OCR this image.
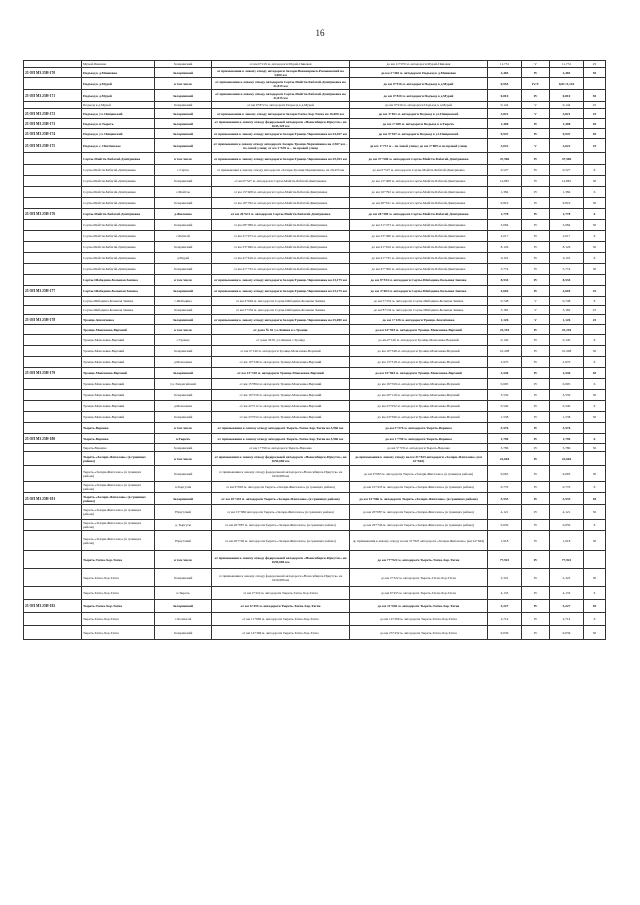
16
	Мурей-Пивовая	Заларинский	от км 0+219 м. автодороги Мурей-Пивовая	до км 11+970 м. автодороги Мурей-Пивовая	11,751	V	11,751	25
25 ОП МЗ 25Н-170	Подъезд к д.Минеевке	Заларинский	от примыкания к левому отводу автодороги Залари-Невонаревск-Романовский на 3,000 км	до км 2+465 м. автодороги Подъезд к д.Минеевке	2,465	IV	2,465	50
	Подъезд к д.Мурей	в том числе	от примыкания к левому отводу автодороги Сорты-Мойгти-Бабагай-Дмитриевка на 41,815 км	до км 0+916 м. автодороги Подъезд к д.Мурей	0,954	IV/V	0,81/ 0,144	
25 ОП МЗ 25Н-171	Подъезд к д.Мурей	Заларинский	от примыкания к левому отводу автодороги Сорты-Мойгти-Бабагай-Дмитриевка на 41,815 км	до км 0+810 м. автодороги Подъезд к д.Мурей	0,810	IV	0,810	50
	Подъезд к д.Мурей	Заларинский	от км 0+872 м. автодороги Подъезд к д.Мурей	до км 0+916 м. автодороги Подъезд к д.Мурей	0,144	V	0,144	25
25 ОП МЗ 25Н-172	Подъезд к ул. Пищевский	Заларинский	от примыкания к левому отводу автодороги Залари-Тагна-Хор-Тагна на 16,000 км	до км 3+821 м. автодороги Подъезд к ул.Пищевский	3,821	V	3,821	25
25 ОП МЗ 25Н-173	Подъезд к п.Тыреть	Заларинский	от примыкания к левому отводу федеральной автодороги «Новосибирск-Иркутск» на 1643,320 км	до км 1+408 м. автодороги Подъезд к п.Тыреть	1,408	IV	1,408	50
25 ОП МЗ 25Н-174	Подъезд к ул. Пищевский	Заларинский	от примыкания к левому отводу автодороги Залари-Троицк-Черемшанка на 54,927 км	до км 9+947 м. автодороги Подъезд к ул.Пищевский	9,947	IV	9,947	50
25 ОП МЗ 25Н-175	Подъезд к с. Пихтинское	Заларинский	от примыкания к левому отводу автодороги Залари-Троицк-Черемшанка на 2,567 км – по левой улице; от км 1+639 м – по правой улице	до км 1+772 м – по левой улице; до км 2+889 м по правой улице	3,022	V	3,022	25
	Сорты-Мойгти-Бабагай-Дмитриевка	в том числе	от примыкания к левому отводу автодороги Залари-Троицк-Черемшанка на 29,453 км	до км 47+506 м. автодороги Сорты-Мойгти-Бабагай-Дмитриевка	47,506	IV	47,506	
	Сорты-Мойгти-Бабагай-Дмитриевка	с.Сарты	от примыкания к левому отводу автодороги «Залари-Троицк-Черемшанка» на 29,453 км	до км 0+527 м. автодороги Сорты-Мойгти-Бабагай-Дмитриевка	0,527	IV	0,527	6
	Сорты-Мойгти-Бабагай-Дмитриевка	Заларинский	от км 0+527 м. автодороги Сорты-Мойгти-Бабагай-Дмитриевка	до км 15+408 м. автодороги Сорты-Мойгти-Бабагай-Дмитриевка	14,881	IV	14,881	50
	Сорты-Мойгти-Бабагай-Дмитриевка	с.Мойгты	от км 15+408 м. автодороги Сорты-Мойгти-Бабагай-Дмитриевка	до км 16+792 м. автодороги Сорты-Мойгти-Бабагай-Дмитриевка	1,384	IV	1,384	6
	Сорты-Мойгти-Бабагай-Дмитриевка	Заларинский	от км 16+792 м. автодороги Сорты-Мойгти-Бабагай-Дмитриевка	до км 26+611 м. автодороги Сорты-Мойгти-Бабагай-Дмитриевка	9,819	IV	9,819	50
25 ОП МЗ 25Н-176	Сорты-Мойгти-Бабагай-Дмитриевка	д.Жилкина	от км 26+611 м. автодороги Сорты-Мойгти-Бабагай-Дмитриевка	до км 28+389 м. автодороги Сорты-Мойгти-Бабагай-Дмитриевка	1,778	IV	1,778	6
	Сорты-Мойгти-Бабагай-Дмитриевка	Заларинский	от км 28+389 м. автодороги Сорты-Мойгти-Бабагай-Дмитриевка	до км 31+473 м. автодороги Сорты-Мойгти-Бабагай-Дмитриевка	3,084	IV	3,084	50
	Сорты-Мойгти-Бабагай-Дмитриевка	с.Бабагай	от км 31+473 м. автодороги Сорты-Мойгти-Бабагай-Дмитриевка	до км 33+490 м. автодороги Сорты-Мойгти-Бабагай-Дмитриевка	2,017	IV	2,017	6
	Сорты-Мойгти-Бабагай-Дмитриевка	Заларинский	от км 33+490 м. автодороги Сорты-Мойгти-Бабагай-Дмитриевка	до км 41+616 м. автодороги Сорты-Мойгти-Бабагай-Дмитриевка	8,126	IV	8,126	50
	Сорты-Мойгти-Бабагай-Дмитриевка	д.Мурей	от км 41+616 м. автодороги Сорты-Мойгти-Бабагай-Дмитриевка	до км 41+732 м. автодороги Сорты-Мойгти-Бабагай-Дмитриевка	0,116	IV	0,116	6
	Сорты-Мойгти-Бабагай-Дмитриевка	Заларинский	от км 41+732 м. автодороги Сорты-Мойгти-Бабагай-Дмитриевка	до км 47+506 м. автодороги Сорты-Мойгти-Бабагай-Дмитриевка	5,774	IV	5,774	50
	Сорты-Шабадина-Большая Заимка	в том числе	от примыкания к левому отводу автодороги Залари-Троицк-Черемшанка на 23,175 км	до км 8+534 м. автодороги Сорты-Шабадина-Большая Заимка	8,534	IV	8,534	
25 ОП МЗ 25Н-177	Сорты-Шабадина-Большая Заимка	Заларинский	от примыкания к левому отводу автодороги Залари-Троицк-Черемшанка на 23,175 км	до км 4+604 м. автодороги Сорты-Шабадина-Большая Заимка	4,604	IV	4,604	25
	Сорты-Шабадина-Большая Заимка	с.Шабадина	от км 4+604 м. автодороги Сорты-Шабадина-Большая Заимка	до км 5+352 м. автодороги Сорты-Шабадина-Большая Заимка	0,748	V	0,748	6
	Сорты-Шабадина-Большая Заимка	Заларинский	от км 5+352 м. автодороги Сорты-Шабадина-Большая Заимка	до км 8+534 м. автодороги Сорты-Шабадина-Большая Заимка	3,182	V	3,182	25
25 ОП МЗ 25Н-178	Троицк-Землячевка	Заларинский	от примыкания к левому отводу автодороги Залари-Троицк-Черемшанка на 25,000 км	до км 1+126 м. автодороги Троицк-Землячевка	1,126	V	1,126	25
	Троицк-Моисеевка-Верхний	в том числе	от дома № 81 ул.Ленина в с.Троицк	до км 24+594 м. автодороги Троицк-Моисеевка-Верхний	22,194	IV	22,194	
	Троицк-Моисеевка-Верхний	с.Троица	от дома 36 81 ул.Ленина с.Троица	до км 0+140 м. автодороги Троицк-Моисеевка-Верхний	0,140	IV	0,140	6
	Троицк-Моисеевка-Верхний	Заларинский	от км 0+140 м. автодороги Троицк-Моисеевка-Верхний	до км 10+348 м. автодороги Троицк-Моисеевка-Верхний	10,208	IV	10,208	50
	Троицк-Моисеевка-Верхний	д.Моисеевка	от км 10+348 м. автодороги Троицк-Моисеевка-Верхний	до км 13+318 м. автодороги Троицк-Моисеевка-Верхний	2,970	IV	2,970	6
25 ОП МЗ 25Н-179	Троицк-Моисеевка-Верхний	Заларинский	от км 13+318 м. автодороги Троицк-Моисеевка-Верхний	до км 15+864 м. автодороги Троицк-Моисеевка-Верхний	2,546	IV	2,546	50
	Троицк-Моисеевка-Верхний	уч. Хандагайский	от км 15+864 м. автодороги Троицк-Моисеевка-Верхний	до км 16+559 м. автодороги Троицк-Моисеевка-Верхний	0,695	IV	0,695	6
	Троицк-Моисеевка-Верхний	Заларинский	от км 16+559 м. автодороги Троицк-Моисеевка-Верхний	до км 20+118 м. автодороги Троицк-Моисеевка-Верхний	3,559	IV	3,559	50
	Троицк-Моисеевка-Верхний	д.Моисеевка	от км 22+512 м. автодороги Троицк-Моисеевка-Верхний	до км 23+052 м. автодороги Троицк-Моисеевка-Верхний	0,540	IV	0,540	6
	Троицк-Моисеевка-Верхний	Заларинский	от км 23+052 м. автодороги Троицк-Моисеевка-Верхний	до км 24+590 м. автодороги Троицк-Моисеевка-Верхний	1,538	IV	1,538	50
	Тыреть-Веренка	в том числе	от примыкания к левому отводу автодороги Тыреть-Тагна-Хор-Тагна на 5,960 км	до км 5+576 м. автодороги Тыреть-Веренка	5,576	IV	5,576	
25 ОП МЗ 25Н-180	Тыреть-Веренка	п.Тыреть	от примыкания к левому отводу автодороги Тыреть-Тагна-Хор-Тагна на 5,960 км	до км 1+790 м. автодороги Тыреть-Веренка	1,790	IV	1,790	6
	Тыреть-Веренка	Заларинский	от км 1+790 м. автодороги Тыреть-Веренка	до км 5+576 м. автодороги Тыреть-Веренка	3,786	IV	3,786	50
	Тыреть-«Залари-Жигалово» (в границах района)	в том числе	от примыкания к левому отводу федеральной автодороги «Новосибирск-Иркутск» на 1659,680 км	до примыкания к левому отводу на км 31+825 автодороги «Залари-Жигалово» (км 22+664)	22,664	IV	22,664	
	Тыреть-«Залари-Жигалово» (в границах района)	Заларинский	от примыкания к левому отводу федеральной автодороги «Новосибирск-Иркутск» на 1659,680 км	до км 9+663 м. автодороги Тыреть-«Залари-Жигалово» (в границах района)	9,663	IV	9,663	50
	Тыреть-«Залари-Жигалово» (в границах района)	п.Харгутай	от км 9+663 м. автодороги Тыреть-«Залари-Жигалово» (в границах района)	до км 10+433 м. автодороги Тыреть-«Залари-Жигалово» (в границах района)	0,770	IV	0,770	6
25 ОП МЗ 25Н-181	Тыреть-«Залари-Жигалово» (в границах района)	Заларинский	от км 10+433 м. автодороги Тыреть-«Залари-Жигалово» (в границах района)	до км 15+966 м. автодороги Тыреть-«Залари-Жигалово» (в границах района)	5,533	IV	5,533	50
	Тыреть-«Залари-Жигалово» (в границах района)	Нукутский	от км 15+966 автодороги Тыреть-«Залари-Жигалово» (в границах района)	до км 20+087 м. автодороги Тыреть-«Залари-Жигалово» (в границах района)	4,121	IV	4,121	50
	Тыреть-«Залари-Жигалово» (в границах района)	д. Тыргуты	от км 20+087 м. автодороги Тыреть-«Залари-Жигалово» (в границах района)	до км 20+746 м. автодороги Тыреть-«Залари-Жигалово» (в границах района)	0,659	IV	0,659	6
	Тыреть-«Залари-Жигалово» (в границах района)	Нукутский	от км 20+746 м. автодороги Тыреть-«Залари-Жигалово» (в границах района)	до примыкания к левому отводу на км 31+825 автодороги «Залари-Жигалово» (км 22+664)	1,918	IV	1,918	50
	Тыреть-Тагна-Хор-Тагна	в том числе	от примыкания к левому отводу федеральной автодороги «Новосибирск-Иркутск» на 1659,680 км	до км 77+922 м. автодороги Тыреть-Тагна-Хор-Тагна	77,922	IV	77,922	
	Тыреть-Тагна-Хор-Тагна	Заларинский	от примыкания к левому отводу федеральной автодороги «Новосибирск-Иркутск» на 1659,680 км	до км 2+322 м. автодороги Тыреть-Тагна-Хор-Тагна	2,322	IV	2,322	50
	Тыреть-Тагна-Хор-Тагна	п.Тыреть	от км 2+322 м. автодороги Тыреть-Тагна-Хор-Тагна	до км 6+455 м. автодороги Тыреть-Тагна-Хор-Тагна	4,133	IV	4,133	6
25 ОП МЗ 25Н-182	Тыреть-Тагна-Хор-Тагна	Заларинский	от км 6+455 м. автодороги Тыреть-Тагна-Хор-Тагна	до км 11+682 м. автодороги Тыреть-Тагна-Хор-Тагна	5,227	IV	5,227	50
	Тыреть-Тагна-Хор-Тагна	с.Холмогой	от км 11+682 м. автодороги Тыреть-Тагна-Хор-Тагна	до км 14+396 м. автодороги Тыреть-Тагна-Хор-Тагна	2,714	IV	2,714	6
	Тыреть-Тагна-Хор-Тагна	Заларинский	от км 14+396 м. автодороги Тыреть-Тагна-Хор-Тагна	до км 23+432 м. автодороги Тыреть-Тагна-Хор-Тагна	9,036	IV	9,036	50
